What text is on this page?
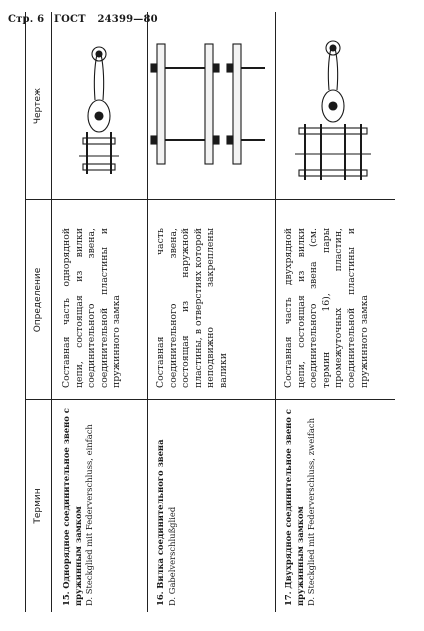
Стр. 6 ГОСТ 24399—80
Термин
Определение
Чертеж
15. Однорядное соединительное звено с пружинным замком D. Steckglied mit Federverschluss, einfach
Составная часть однорядной цепи, состоящая из вилки соединительного звена, соединительной пластины и пружинного замка
16. Вилка соединительного звена
D. Gabelverschlußglied
Составная часть соединительного звена, состоящая из наружной пластины, в отверстиях которой неподвижно закреплены валики
17. Двухрядное соединительное звено с пружинным замком D. Steckglied mit Federverschluss, zweifach
Составная часть двухрядной цепи, состоящая из вилки соединительного звена (см. термин 16), пары промежуточных пластин, соединительной пластины и пружинного замка
